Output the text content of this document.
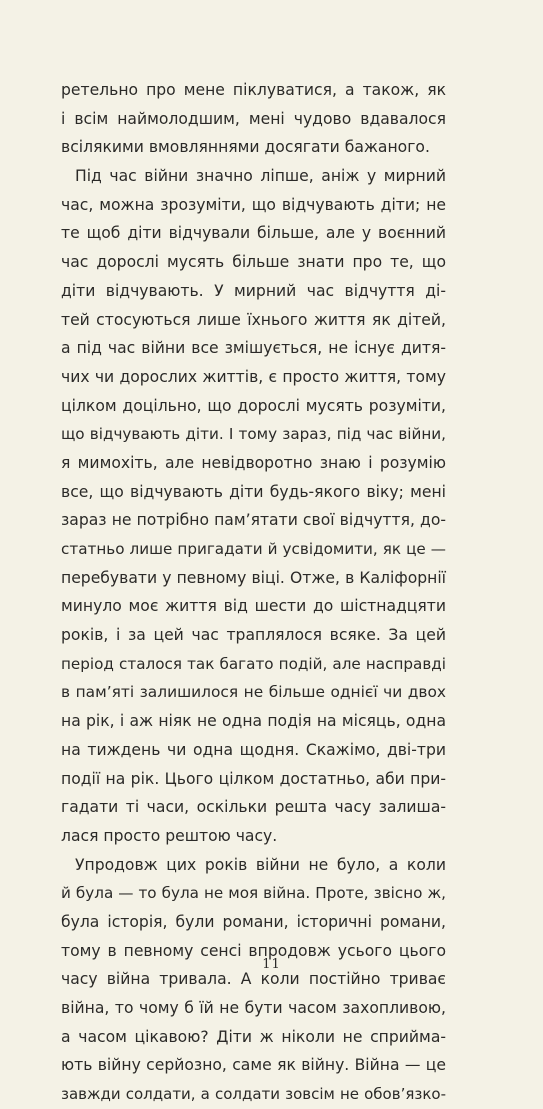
ретельно про мене піклуватися, а також, як
і всім наймолодшим, мені чудово вдавалося
всілякими вмовляннями досягати бажаного.
Під час війни значно ліпше, аніж у мирний
час, можна зрозуміти, що відчувають діти; не
те щоб діти відчували більше, але у воєнний
час дорослі мусять більше знати про те, що
діти відчувають. У мирний час відчуття ді-
тей стосуються лише їхнього життя як дітей,
а під час війни все змішується, не існує дитя-
чих чи дорослих життів, є просто життя, тому
цілком доцільно, що дорослі мусять розуміти,
що відчувають діти. І тому зараз, під час війни,
я мимохіть, але невідворотно знаю і розумію
все, що відчувають діти будь-якого віку; мені
зараз не потрібно пам’ятати свої відчуття, до-
статньо лише пригадати й усвідомити, як це —
перебувати у певному віці. Отже, в Каліфорнії
минуло моє життя від шести до шістнадцяти
років, і за цей час траплялося всяке. За цей
період сталося так багато подій, але насправді
в пам’яті залишилося не більше однієї чи двох
на рік, і аж ніяк не одна подія на місяць, одна
на тиждень чи одна щодня. Скажімо, дві-три
події на рік. Цього цілком достатньо, аби при-
гадати ті часи, оскільки решта часу залиша-
лася просто рештою часу.
Упродовж цих років війни не було, а коли
й була — то була не моя війна. Проте, звісно ж,
була історія, були романи, історичні романи,
тому в певному сенсі впродовж усього цього
часу війна тривала. А коли постійно триває
війна, то чому б їй не бути часом захопливою,
а часом цікавою? Діти ж ніколи не сприйма-
ють війну серйозно, саме як війну. Війна — це
завжди солдати, а солдати зовсім не обов’язко-
11
